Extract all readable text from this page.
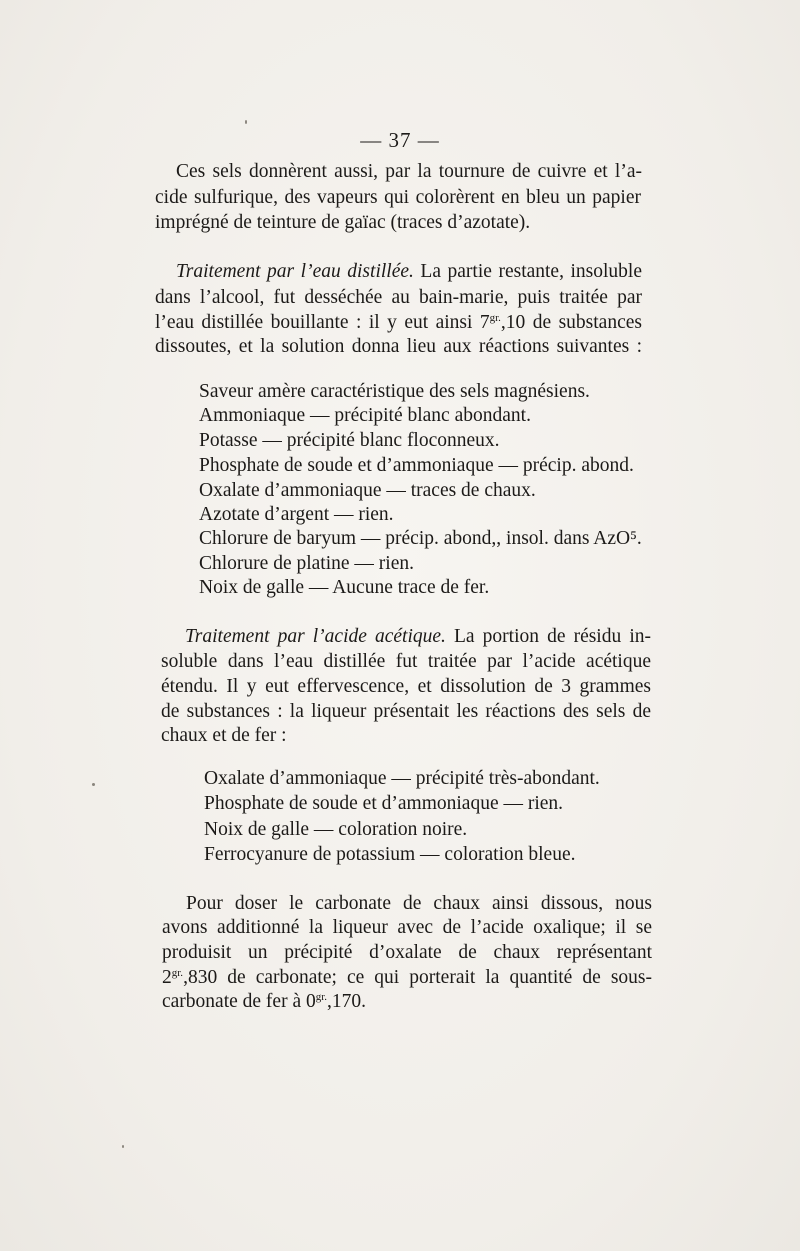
— 37 —
Ces sels donnèrent aussi, par la tournure de cuivre et l’a-
cide sulfurique, des vapeurs qui colorèrent en bleu un papier
imprégné de teinture de gaïac (traces d’azotate).
Traitement par l’eau distillée. La partie restante, insoluble
dans l’alcool, fut desséchée au bain-marie, puis traitée par
l’eau distillée bouillante : il y eut ainsi $7^{gr.},10$ de substances
dissoutes, et la solution donna lieu aux réactions suivantes :
Saveur amère caractéristique des sels magnésiens.
Ammoniaque — précipité blanc abondant.
Potasse — précipité blanc floconneux.
Phosphate de soude et d’ammoniaque — précip. abond.
Oxalate d’ammoniaque — traces de chaux.
Azotate d’argent — rien.
Chlorure de baryum — précip. abond,, insol. dans AzO⁵.
Chlorure de platine — rien.
Noix de galle — Aucune trace de fer.
Traitement par l’acide acétique. La portion de résidu in-
soluble dans l’eau distillée fut traitée par l’acide acétique
étendu. Il y eut effervescence, et dissolution de 3 grammes
de substances : la liqueur présentait les réactions des sels de
chaux et de fer :
Oxalate d’ammoniaque — précipité très-abondant.
Phosphate de soude et d’ammoniaque — rien.
Noix de galle — coloration noire.
Ferrocyanure de potassium — coloration bleue.
Pour doser le carbonate de chaux ainsi dissous, nous
avons additionné la liqueur avec de l’acide oxalique; il se
produisit un précipité d’oxalate de chaux représentant
$2^{gr.},830$ de carbonate; ce qui porterait la quantité de sous-
carbonate de fer à $0^{gr.},170$.
